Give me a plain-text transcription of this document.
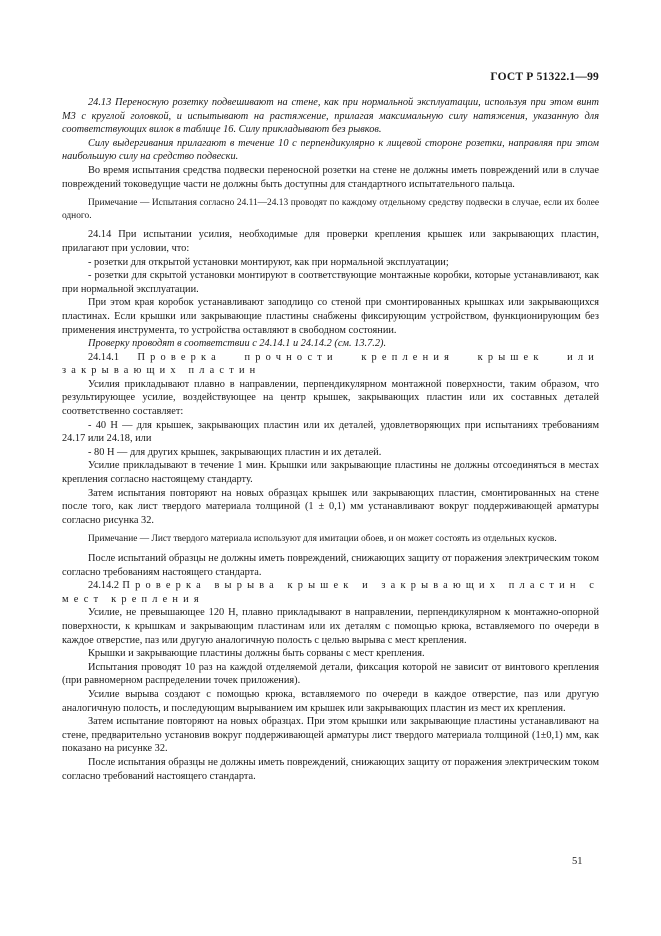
ГОСТ Р 51322.1—99

24.13 Переносную розетку подвешивают на стене, как при нормальной эксплуатации, используя при этом винт M3 с круглой головкой, и испытывают на растяжение, прилагая максимальную силу натяжения, указанную для соответствующих вилок в таблице 16. Силу прикладывают без рывков.

Силу выдергивания прилагают в течение 10 с перпендикулярно к лицевой стороне розетки, направляя при этом наибольшую силу на средство подвески.

Во время испытания средства подвески переносной розетки на стене не должны иметь повреждений или в случае повреждений токоведущие части не должны быть доступны для стандартного испытательного пальца.

Примечание — Испытания согласно 24.11—24.13 проводят по каждому отдельному средству подвески в случае, если их более одного.

24.14 При испытании усилия, необходимые для проверки крепления крышек или закрывающих пластин, прилагают при условии, что:

- розетки для открытой установки монтируют, как при нормальной эксплуатации;

- розетки для скрытой установки монтируют в соответствующие монтажные коробки, которые устанавливают, как при нормальной эксплуатации.

При этом края коробок устанавливают заподлицо со стеной при смонтированных крышках или закрывающихся пластинах. Если крышки или закрывающие пластины снабжены фиксирующим устройством, функционирующим без применения инструмента, то устройства оставляют в свободном состоянии.

Проверку проводят в соответствии с 24.14.1 и 24.14.2 (см. 13.7.2).

24.14.1 Проверка прочности крепления крышек или закрывающих пластин

Усилия прикладывают плавно в направлении, перпендикулярном монтажной поверхности, таким образом, что результирующее усилие, воздействующее на центр крышек, закрывающих пластин или их составных деталей соответственно составляет:

- 40 Н — для крышек, закрывающих пластин или их деталей, удовлетворяющих при испытаниях требованиям 24.17 или 24.18, или

- 80 Н — для других крышек, закрывающих пластин и их деталей.

Усилие прикладывают в течение 1 мин. Крышки или закрывающие пластины не должны отсоединяться в местах крепления согласно настоящему стандарту.

Затем испытания повторяют на новых образцах крышек или закрывающих пластин, смонтированных на стене после того, как лист твердого материала толщиной (1 ± 0,1) мм устанавливают вокруг поддерживающей арматуры согласно рисунка 32.

Примечание — Лист твердого материала используют для имитации обоев, и он может состоять из отдельных кусков.

После испытаний образцы не должны иметь повреждений, снижающих защиту от поражения электрическим током согласно требованиям настоящего стандарта.

24.14.2 Проверка вырыва крышек и закрывающих пластин с мест крепления

Усилие, не превышающее 120 Н, плавно прикладывают в направлении, перпендикулярном к монтажно-опорной поверхности, к крышкам и закрывающим пластинам или их деталям с помощью крюка, вставляемого по очереди в каждое отверстие, паз или другую аналогичную полость с целью вырыва с мест крепления.

Крышки и закрывающие пластины должны быть сорваны с мест крепления.

Испытания проводят 10 раз на каждой отделяемой детали, фиксация которой не зависит от винтового крепления (при равномерном распределении точек приложения).

Усилие вырыва создают с помощью крюка, вставляемого по очереди в каждое отверстие, паз или другую аналогичную полость, и последующим вырыванием им крышек или закрывающих пластин из мест их крепления.

Затем испытание повторяют на новых образцах. При этом крышки или закрывающие пластины устанавливают на стене, предварительно установив вокруг поддерживающей арматуры лист твердого материала толщиной (1±0,1) мм, как показано на рисунке 32.

После испытания образцы не должны иметь повреждений, снижающих защиту от поражения электрическим током согласно требований настоящего стандарта.

51
